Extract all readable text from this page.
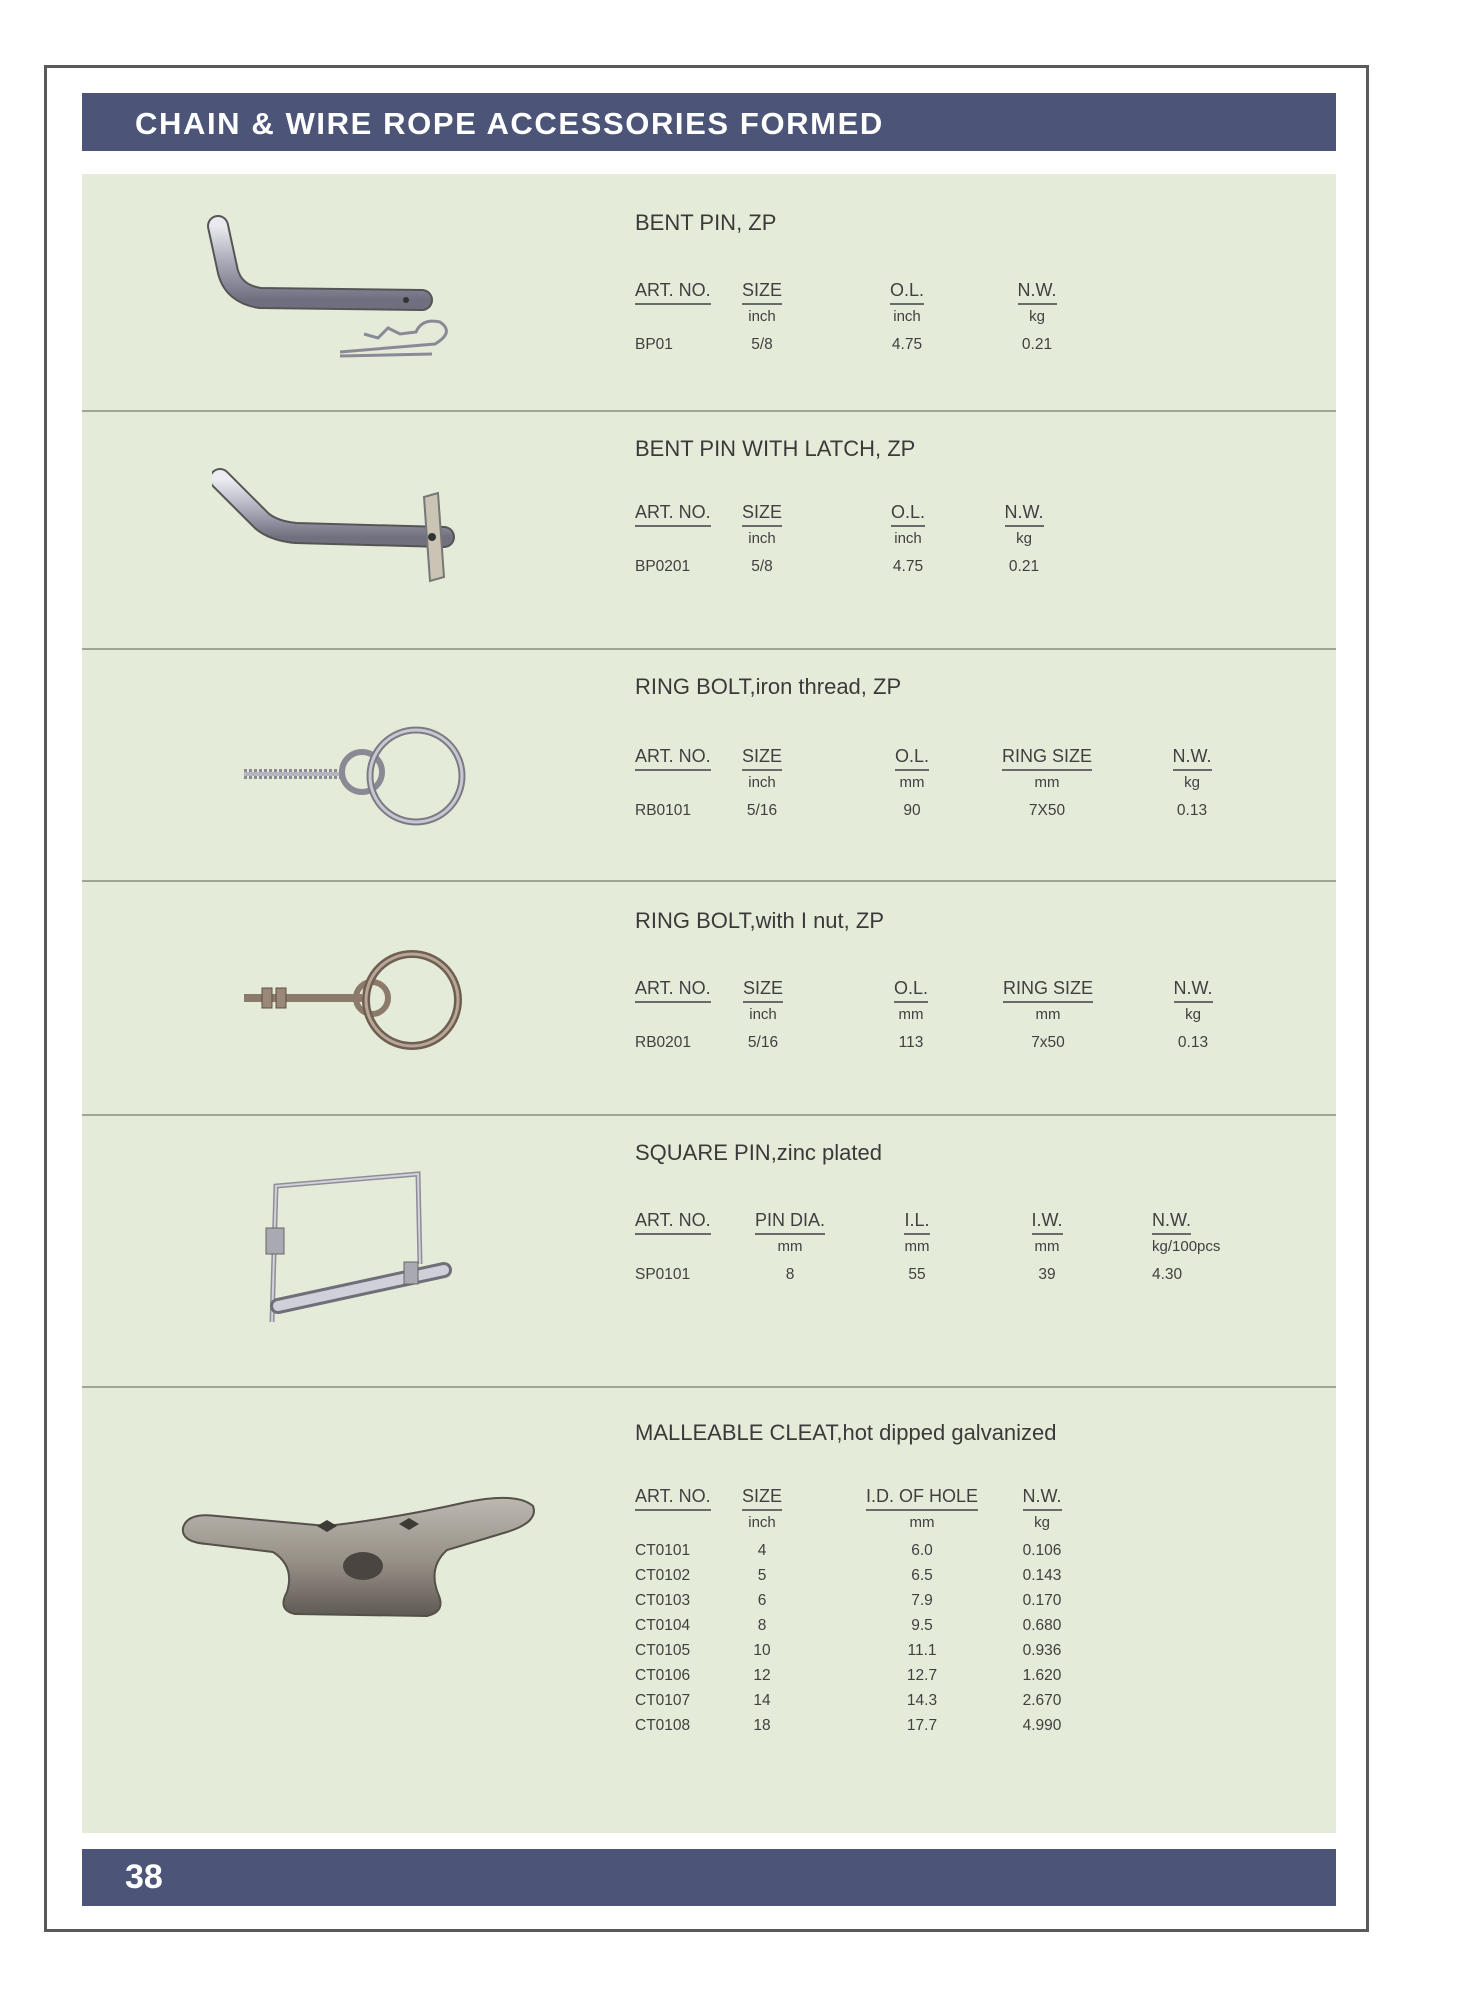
CHAIN & WIRE ROPE ACCESSORIES FORMED
BENT PIN, ZP
ART. NO.
BP01
SIZE
inch
5/8
O.L.
inch
4.75
N.W.
kg
0.21
BENT PIN WITH LATCH, ZP
ART. NO.
BP0201
SIZE
inch
5/8
O.L.
inch
4.75
N.W.
kg
0.21
RING BOLT,iron thread, ZP
ART. NO.
RB0101
SIZE
inch
5/16
O.L.
mm
90
RING SIZE
mm
7X50
N.W.
kg
0.13
RING BOLT,with I nut, ZP
ART. NO.
RB0201
SIZE
inch
5/16
O.L.
mm
113
RING SIZE
mm
7x50
N.W.
kg
0.13
SQUARE PIN,zinc plated
ART. NO.
SP0101
PIN DIA.
mm
8
I.L.
mm
55
I.W.
mm
39
N.W.
kg/100pcs
4.30
MALLEABLE CLEAT,hot dipped galvanized
ART. NO.
CT0101
CT0102
CT0103
CT0104
CT0105
CT0106
CT0107
CT0108
SIZE
inch
4
5
6
8
10
12
14
18
I.D. OF HOLE
mm
6.0
6.5
7.9
9.5
11.1
12.7
14.3
17.7
N.W.
kg
0.106
0.143
0.170
0.680
0.936
1.620
2.670
4.990
38
